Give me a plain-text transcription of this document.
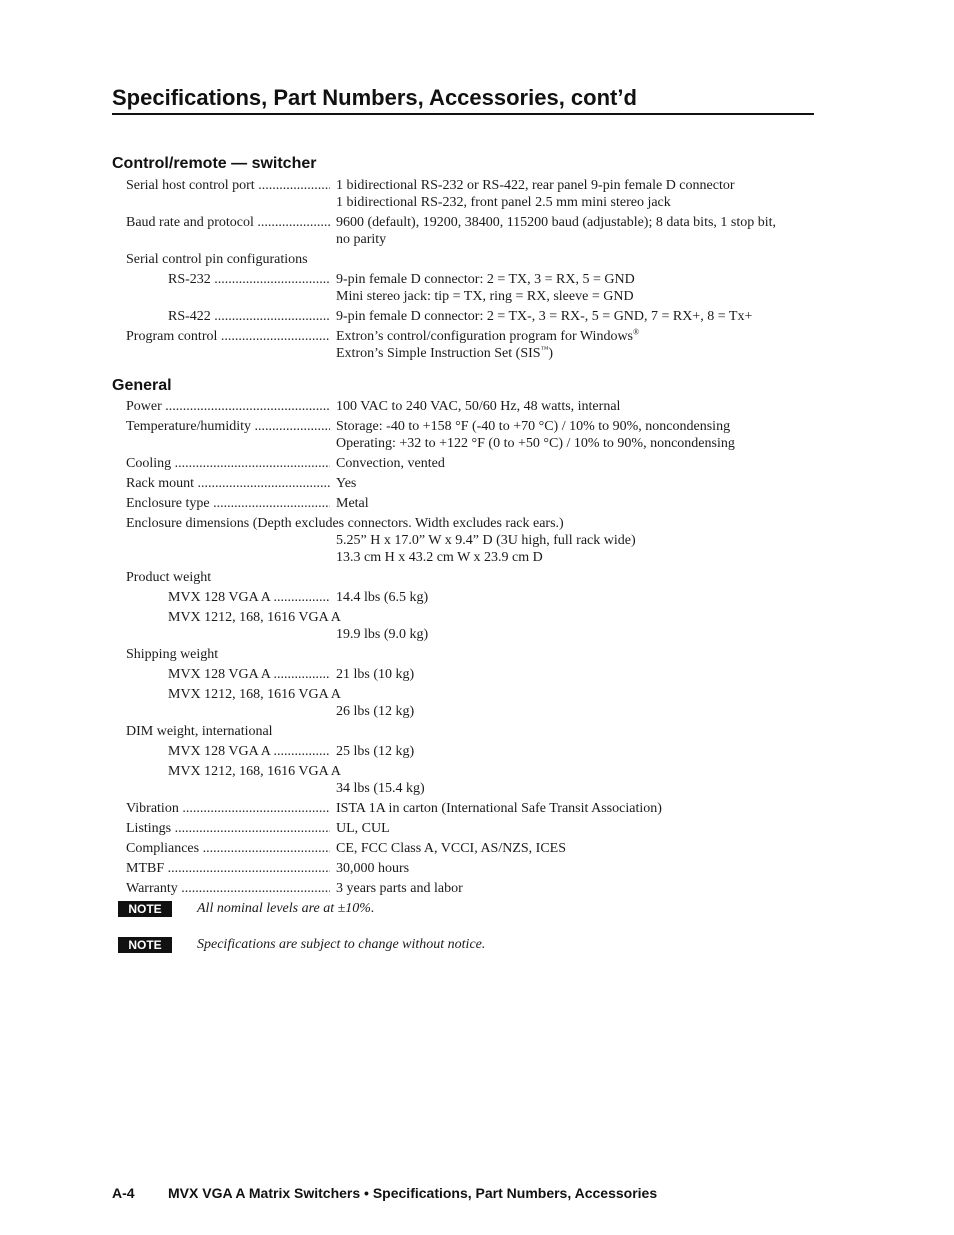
Specifications, Part Numbers, Accessories, cont’d
Control/remote — switcher
Serial host control port .....	1 bidirectional RS-232 or RS-422, rear panel 9-pin female D connector
1 bidirectional RS-232, front panel 2.5 mm mini stereo jack
Baud rate and protocol .....	9600 (default), 19200, 38400, 115200 baud (adjustable); 8 data bits, 1 stop bit,
no parity
Serial control pin configurations
RS-232 .....	9-pin female D connector: 2 = TX, 3 = RX, 5 = GND
Mini stereo jack: tip = TX, ring = RX, sleeve = GND
RS-422 .....	9-pin female D connector: 2 = TX-, 3 = RX-, 5 = GND, 7 = RX+, 8 = Tx+
Program control .....	Extron’s control/configuration program for Windows®
Extron’s Simple Instruction Set (SIS™)
General
Power .....	100 VAC to 240 VAC, 50/60 Hz, 48 watts, internal
Temperature/humidity .....	Storage: -40 to +158 °F (-40 to +70 °C) / 10% to 90%, noncondensing
Operating: +32 to +122 °F (0 to +50 °C) / 10% to 90%, noncondensing
Cooling .....	Convection, vented
Rack mount .....	Yes
Enclosure type .....	Metal
Enclosure dimensions (Depth excludes connectors. Width excludes rack ears.)
5.25” H x 17.0” W x 9.4” D (3U high, full rack wide)
13.3 cm H x 43.2 cm W x 23.9 cm D
Product weight
MVX 128 VGA A .....	14.4 lbs (6.5 kg)
MVX 1212, 168, 1616 VGA A
19.9 lbs (9.0 kg)
Shipping weight
MVX 128 VGA A .....	21 lbs (10 kg)
MVX 1212, 168, 1616 VGA A
26 lbs (12 kg)
DIM weight, international
MVX 128 VGA A .....	25 lbs (12 kg)
MVX 1212, 168, 1616 VGA A
34 lbs (15.4 kg)
Vibration .....	ISTA 1A in carton (International Safe Transit Association)
Listings .....	UL, CUL
Compliances .....	CE, FCC Class A, VCCI, AS/NZS, ICES
MTBF .....	30,000 hours
Warranty .....	3 years parts and labor
NOTE	All nominal levels are at ±10%.
NOTE	Specifications are subject to change without notice.
A-4 MVX VGA A Matrix Switchers • Specifications, Part Numbers, Accessories
